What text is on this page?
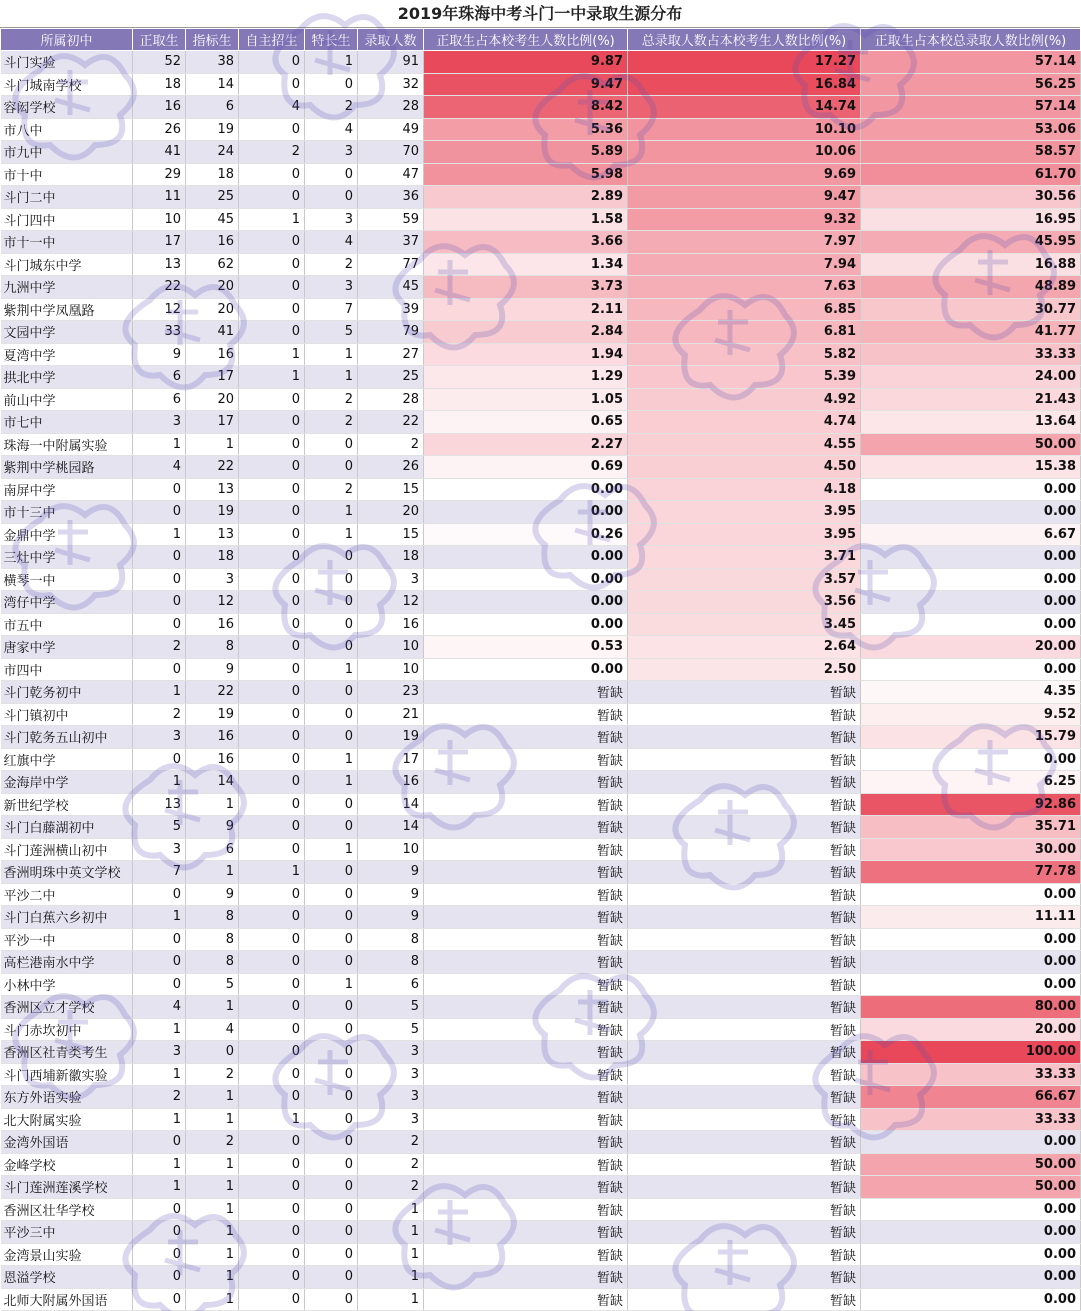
2019年珠海中考斗门一中录取生源分布
所属初中	正取生	指标生	自主招生	特长生	录取人数	正取生占本校考生人数比例(%)	总录取人数占本校考生人数比例(%)	正取生占本校总录取人数比例(%)
斗门实验	52	38	0	1	91	9.87	17.27	57.14
斗门城南学校	18	14	0	0	32	9.47	16.84	56.25
容闳学校	16	6	4	2	28	8.42	14.74	57.14
市八中	26	19	0	4	49	5.36	10.10	53.06
市九中	41	24	2	3	70	5.89	10.06	58.57
市十中	29	18	0	0	47	5.98	9.69	61.70
斗门二中	11	25	0	0	36	2.89	9.47	30.56
斗门四中	10	45	1	3	59	1.58	9.32	16.95
市十一中	17	16	0	4	37	3.66	7.97	45.95
斗门城东中学	13	62	0	2	77	1.34	7.94	16.88
九洲中学	22	20	0	3	45	3.73	7.63	48.89
紫荆中学凤凰路	12	20	0	7	39	2.11	6.85	30.77
文园中学	33	41	0	5	79	2.84	6.81	41.77
夏湾中学	9	16	1	1	27	1.94	5.82	33.33
拱北中学	6	17	1	1	25	1.29	5.39	24.00
前山中学	6	20	0	2	28	1.05	4.92	21.43
市七中	3	17	0	2	22	0.65	4.74	13.64
珠海一中附属实验	1	1	0	0	2	2.27	4.55	50.00
紫荆中学桃园路	4	22	0	0	26	0.69	4.50	15.38
南屏中学	0	13	0	2	15	0.00	4.18	0.00
市十三中	0	19	0	1	20	0.00	3.95	0.00
金鼎中学	1	13	0	1	15	0.26	3.95	6.67
三灶中学	0	18	0	0	18	0.00	3.71	0.00
横琴一中	0	3	0	0	3	0.00	3.57	0.00
湾仔中学	0	12	0	0	12	0.00	3.56	0.00
市五中	0	16	0	0	16	0.00	3.45	0.00
唐家中学	2	8	0	0	10	0.53	2.64	20.00
市四中	0	9	0	1	10	0.00	2.50	0.00
斗门乾务初中	1	22	0	0	23	暂缺	暂缺	4.35
斗门镇初中	2	19	0	0	21	暂缺	暂缺	9.52
斗门乾务五山初中	3	16	0	0	19	暂缺	暂缺	15.79
红旗中学	0	16	0	1	17	暂缺	暂缺	0.00
金海岸中学	1	14	0	1	16	暂缺	暂缺	6.25
新世纪学校	13	1	0	0	14	暂缺	暂缺	92.86
斗门白藤湖初中	5	9	0	0	14	暂缺	暂缺	35.71
斗门莲洲横山初中	3	6	0	1	10	暂缺	暂缺	30.00
香洲明珠中英文学校	7	1	1	0	9	暂缺	暂缺	77.78
平沙二中	0	9	0	0	9	暂缺	暂缺	0.00
斗门白蕉六乡初中	1	8	0	0	9	暂缺	暂缺	11.11
平沙一中	0	8	0	0	8	暂缺	暂缺	0.00
高栏港南水中学	0	8	0	0	8	暂缺	暂缺	0.00
小林中学	0	5	0	1	6	暂缺	暂缺	0.00
香洲区立才学校	4	1	0	0	5	暂缺	暂缺	80.00
斗门赤坎初中	1	4	0	0	5	暂缺	暂缺	20.00
香洲区社青类考生	3	0	0	0	3	暂缺	暂缺	100.00
斗门西埔新徽实验	1	2	0	0	3	暂缺	暂缺	33.33
东方外语实验	2	1	0	0	3	暂缺	暂缺	66.67
北大附属实验	1	1	1	0	3	暂缺	暂缺	33.33
金湾外国语	0	2	0	0	2	暂缺	暂缺	0.00
金峰学校	1	1	0	0	2	暂缺	暂缺	50.00
斗门莲洲莲溪学校	1	1	0	0	2	暂缺	暂缺	50.00
香洲区壮华学校	0	1	0	0	1	暂缺	暂缺	0.00
平沙三中	0	1	0	0	1	暂缺	暂缺	0.00
金湾景山实验	0	1	0	0	1	暂缺	暂缺	0.00
恩溢学校	0	1	0	0	1	暂缺	暂缺	0.00
北师大附属外国语	0	1	0	0	1	暂缺	暂缺	0.00
